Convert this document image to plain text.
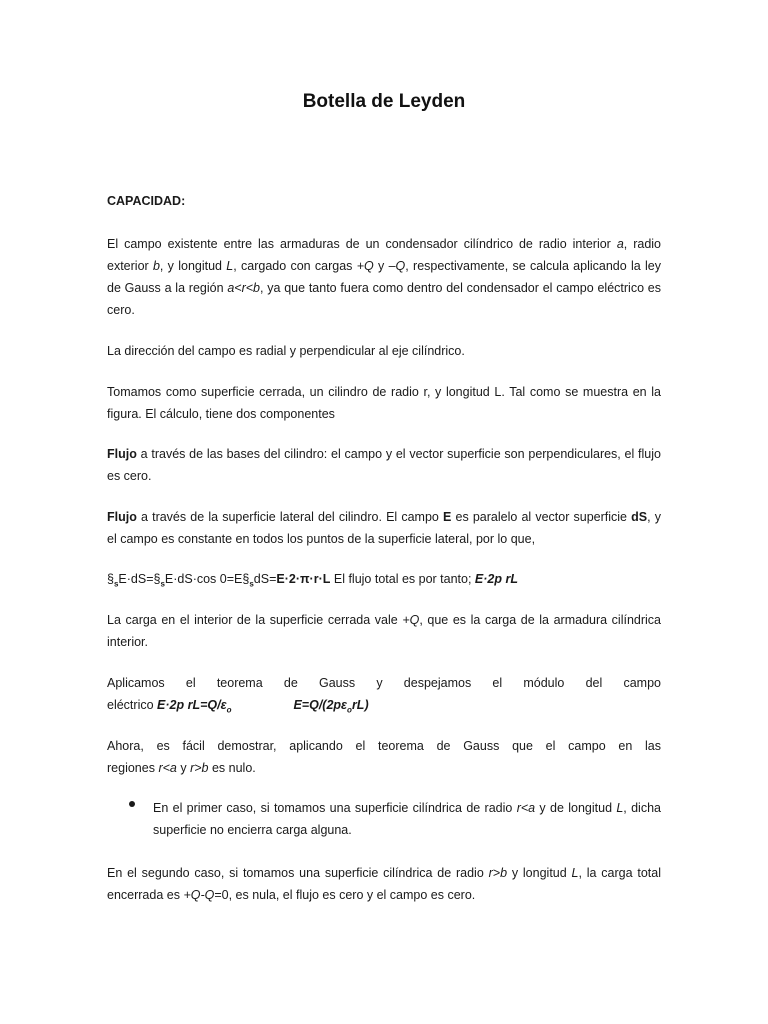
Botella de Leyden
CAPACIDAD:
El campo existente entre las armaduras de un condensador cilíndrico de radio interior a, radio
exterior b, y longitud L, cargado con cargas +Q y –Q, respectivamente, se calcula aplicando la ley
de Gauss a la región a<r<b, ya que tanto fuera como dentro del condensador el campo eléctrico es
cero.
La dirección del campo es radial y perpendicular al eje cilíndrico.
Tomamos como superficie cerrada, un cilindro de radio r, y longitud L. Tal como se muestra en la
figura. El cálculo, tiene dos componentes
Flujo a través de las bases del cilindro: el campo y el vector superficie son perpendiculares, el flujo
es cero.
Flujo a través de la superficie lateral del cilindro. El campo E es paralelo al vector superficie dS, y
el campo es constante en todos los puntos de la superficie lateral, por lo que,
$\S_sE\cdot dS=\S_sE\cdot dS\cdot\cos$ $0=E\S_sdS=E\cdot 2\cdot\pi\cdot r\cdot L$ El flujo total es por tanto; E·2p rL
La carga en el interior de la superficie cerrada vale +Q, que es la carga de la armadura cilíndrica
interior.
Aplicamos el teorema de Gauss y despejamos el módulo del campo
eléctrico E·2p $rL=Q/\varepsilon_o$	$E=Q/(2p\varepsilon_orL)$
Ahora, es fácil demostrar, aplicando el teorema de Gauss que el campo en las
regiones r<a y r>b es nulo.
En el primer caso, si tomamos una superficie cilíndrica de radio r<a y de longitud L, dicha
superficie no encierra carga alguna.
En el segundo caso, si tomamos una superficie cilíndrica de radio r>b y longitud L, la carga total
encerrada es +Q-Q=0, es nula, el flujo es cero y el campo es cero.
